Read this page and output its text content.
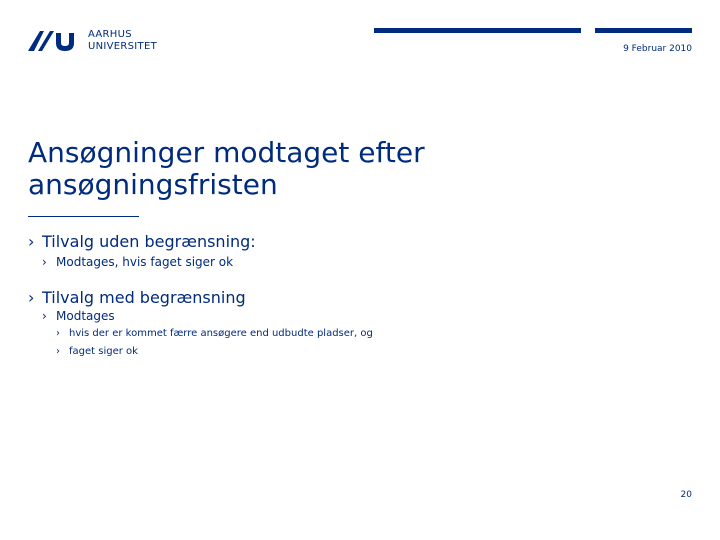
AARHUS
UNIVERSITET	9 Februar 2010
Ansøgninger modtaget efter
ansøgningsfristen
› Tilvalg uden begrænsning:
› Modtages, hvis faget siger ok
› Tilvalg med begrænsning
› Modtages
› hvis der er kommet færre ansøgere end udbudte pladser, og
› faget siger ok
20
